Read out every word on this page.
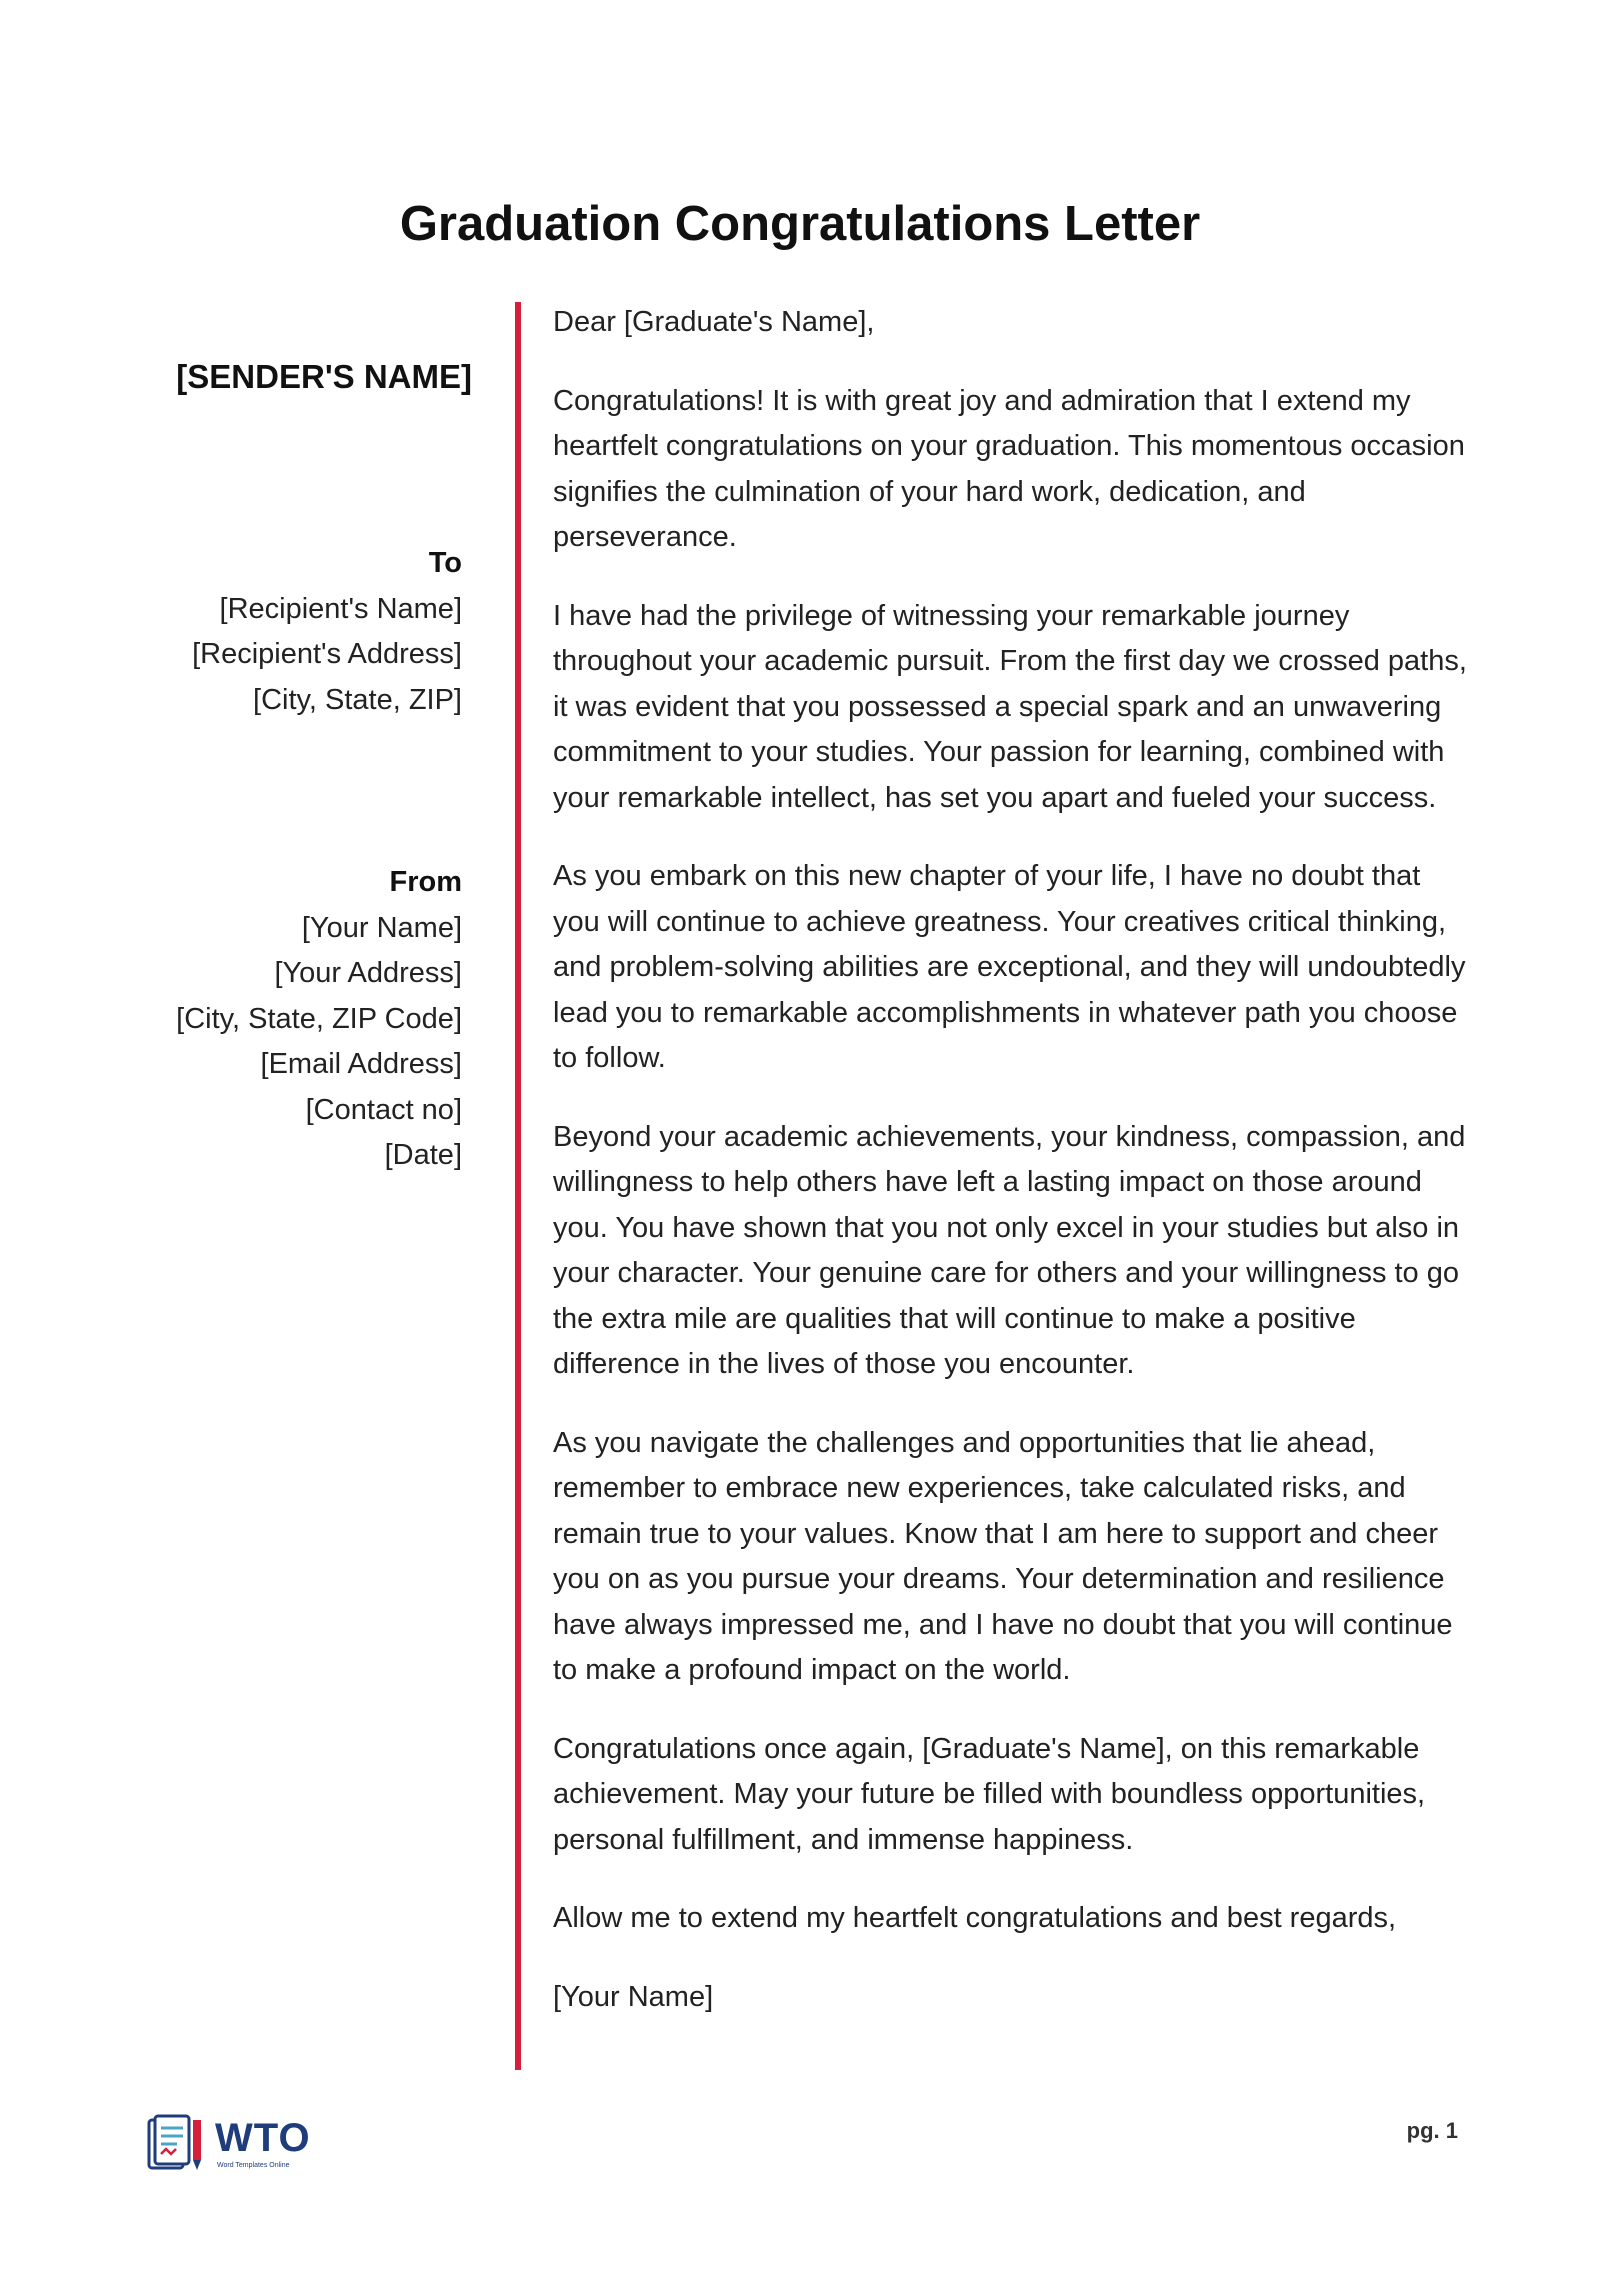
Graduation Congratulations Letter
[SENDER'S NAME]
To
[Recipient's Name]
[Recipient's Address]
[City, State, ZIP]
From
[Your Name]
[Your Address]
[City, State, ZIP Code]
[Email Address]
[Contact no]
[Date]

Dear [Graduate's Name],

Congratulations! It is with great joy and admiration that I extend my heartfelt congratulations on your graduation. This momentous occasion signifies the culmination of your hard work, dedication, and perseverance.

I have had the privilege of witnessing your remarkable journey throughout your academic pursuit. From the first day we crossed paths, it was evident that you possessed a special spark and an unwavering commitment to your studies. Your passion for learning, combined with your remarkable intellect, has set you apart and fueled your success.

As you embark on this new chapter of your life, I have no doubt that you will continue to achieve greatness. Your creatives critical thinking, and problem-solving abilities are exceptional, and they will undoubtedly lead you to remarkable accomplishments in whatever path you choose to follow.

Beyond your academic achievements, your kindness, compassion, and willingness to help others have left a lasting impact on those around you. You have shown that you not only excel in your studies but also in your character. Your genuine care for others and your willingness to go the extra mile are qualities that will continue to make a positive difference in the lives of those you encounter.

As you navigate the challenges and opportunities that lie ahead, remember to embrace new experiences, take calculated risks, and remain true to your values. Know that I am here to support and cheer you on as you pursue your dreams. Your determination and resilience have always impressed me, and I have no doubt that you will continue to make a profound impact on the world.

Congratulations once again, [Graduate's Name], on this remarkable achievement. May your future be filled with boundless opportunities, personal fulfillment, and immense happiness.

Allow me to extend my heartfelt congratulations and best regards,

[Your Name]

WTO
Word Templates Online
pg. 1
